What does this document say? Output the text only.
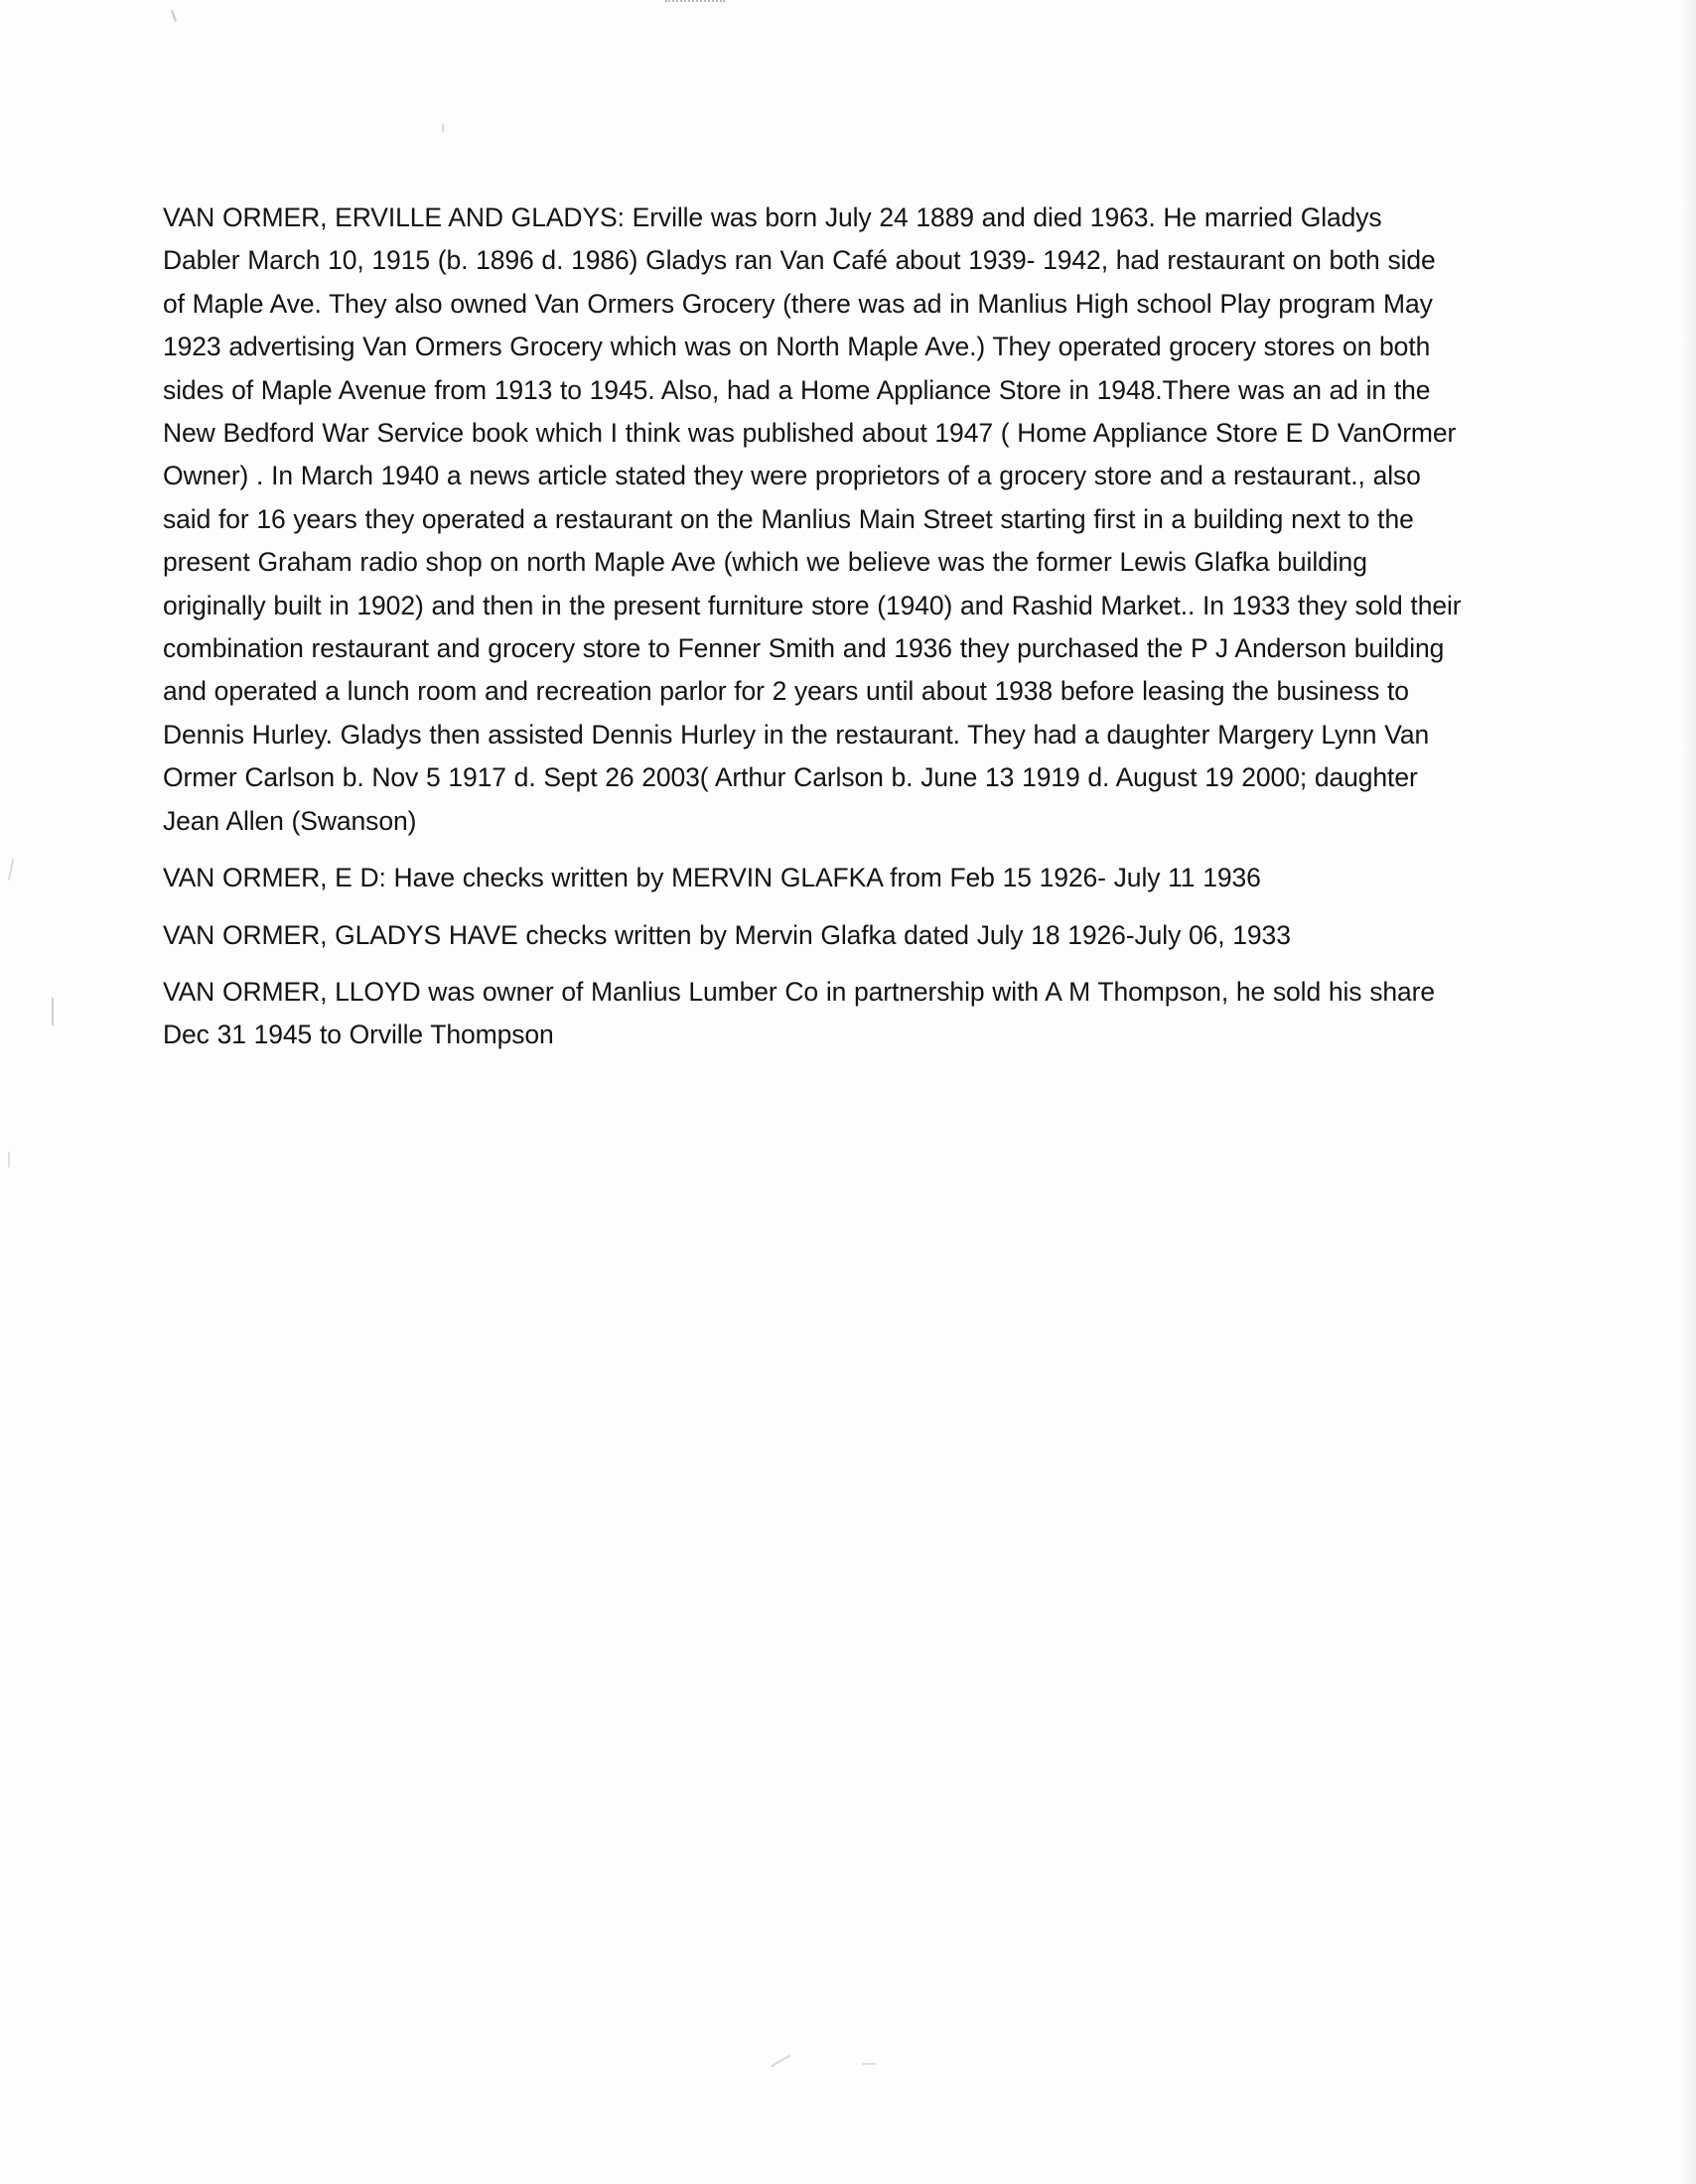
VAN ORMER, ERVILLE AND GLADYS: Erville was born July 24 1889 and died 1963. He married Gladys Dabler March 10, 1915 (b. 1896 d. 1986) Gladys ran Van Café about 1939- 1942, had restaurant on both side of Maple Ave. They also owned Van Ormers Grocery (there was ad in Manlius High school Play program May 1923 advertising Van Ormers Grocery which was on North Maple Ave.) They operated grocery stores on both sides of Maple Avenue from 1913 to 1945. Also, had a Home Appliance Store in 1948.There was an ad in the New Bedford War Service book which I think was published about 1947 ( Home Appliance Store E D VanOrmer Owner) . In March 1940 a news article stated they were proprietors of a grocery store and a restaurant., also said for 16 years they operated a restaurant on the Manlius Main Street starting first in a building next to the present Graham radio shop on north Maple Ave (which we believe was the former Lewis Glafka building originally built in 1902) and then in the present furniture store (1940) and Rashid Market.. In 1933 they sold their combination restaurant and grocery store to Fenner Smith and 1936 they purchased the P J Anderson building and operated a lunch room and recreation parlor for 2 years until about 1938 before leasing the business to Dennis Hurley. Gladys then assisted Dennis Hurley in the restaurant. They had a daughter Margery Lynn Van Ormer Carlson b. Nov 5 1917 d. Sept 26 2003( Arthur Carlson b. June 13 1919 d. August 19 2000; daughter Jean Allen (Swanson)

VAN ORMER, E D: Have checks written by MERVIN GLAFKA from Feb 15 1926- July 11 1936

VAN ORMER, GLADYS HAVE checks written by Mervin Glafka dated July 18 1926-July 06, 1933

VAN ORMER, LLOYD was owner of Manlius Lumber Co in partnership with A M Thompson, he sold his share Dec 31 1945 to Orville Thompson
